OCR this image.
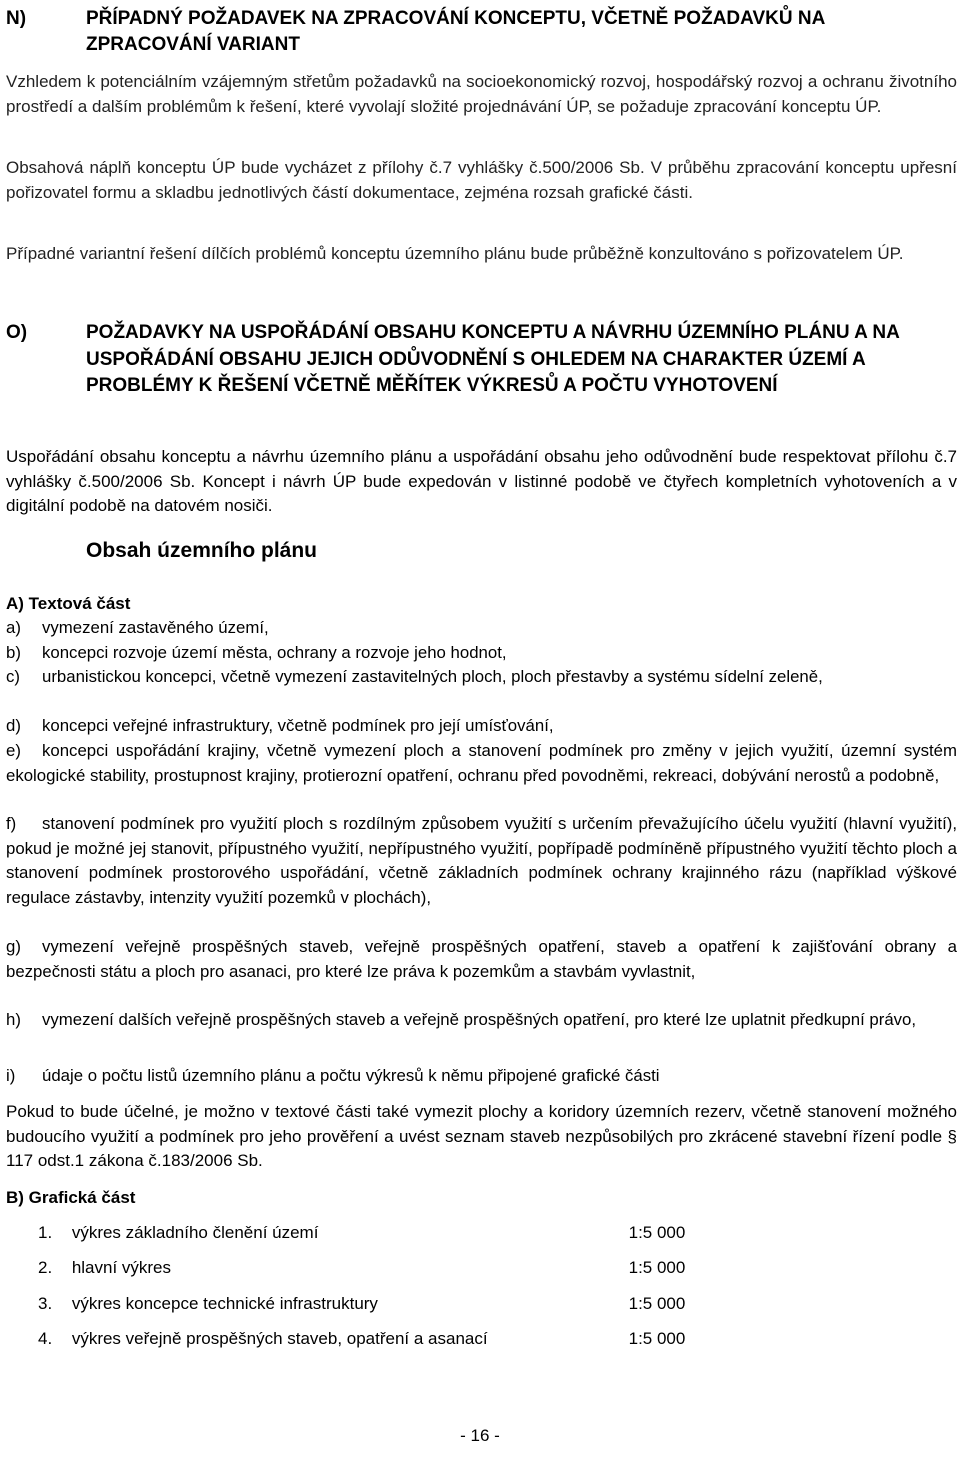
N)	PŘÍPADNÝ POŽADAVEK NA ZPRACOVÁNÍ KONCEPTU, VČETNĚ POŽADAVKŮ NA ZPRACOVÁNÍ VARIANT
Vzhledem k potenciálním vzájemným střetům požadavků na socioekonomický rozvoj, hospodářský rozvoj a ochranu životního prostředí a dalším problémům k řešení, které vyvolají složité projednávání ÚP, se požaduje zpracování konceptu ÚP.
Obsahová náplň konceptu ÚP bude vycházet z přílohy č.7 vyhlášky č.500/2006 Sb. V průběhu zpracování konceptu upřesní pořizovatel formu a skladbu jednotlivých částí dokumentace, zejména rozsah grafické části.
Případné variantní řešení dílčích problémů konceptu územního plánu bude průběžně konzultováno s pořizovatelem ÚP.
O)	POŽADAVKY NA USPOŘÁDÁNÍ OBSAHU KONCEPTU A NÁVRHU ÚZEMNÍHO PLÁNU A NA USPOŘÁDÁNÍ OBSAHU JEJICH ODŮVODNĚNÍ S OHLEDEM NA CHARAKTER ÚZEMÍ A PROBLÉMY K ŘEŠENÍ VČETNĚ MĚŘÍTEK VÝKRESŮ A POČTU VYHOTOVENÍ
Uspořádání obsahu konceptu a návrhu územního plánu a uspořádání obsahu jeho odůvodnění bude respektovat přílohu č.7 vyhlášky č.500/2006 Sb. Koncept i návrh ÚP bude expedován v listinné podobě ve čtyřech kompletních vyhotoveních a v digitální podobě na datovém nosiči.
Obsah územního plánu
A) Textová část
a) vymezení zastavěného území,
b) koncepci rozvoje území města, ochrany a rozvoje jeho hodnot,
c) urbanistickou koncepci, včetně vymezení zastavitelných ploch, ploch přestavby a systému sídelní zeleně,
d) koncepci veřejné infrastruktury, včetně podmínek pro její umísťování,
e) koncepci uspořádání krajiny, včetně vymezení ploch a stanovení podmínek pro změny v jejich využití, územní systém ekologické stability, prostupnost krajiny, protierozní opatření, ochranu před povodněmi, rekreaci, dobývání nerostů a podobně,
f) stanovení podmínek pro využití ploch s rozdílným způsobem využití s určením převažujícího účelu využití (hlavní využití), pokud je možné jej stanovit, přípustného využití, nepřípustného využití, popřípadě podmíněně přípustného využití těchto ploch a stanovení podmínek prostorového uspořádání, včetně základních podmínek ochrany krajinného rázu (například výškové regulace zástavby, intenzity využití pozemků v plochách),
g) vymezení veřejně prospěšných staveb, veřejně prospěšných opatření, staveb a opatření k zajišťování obrany a bezpečnosti státu a ploch pro asanaci, pro které lze práva k pozemkům a stavbám vyvlastnit,
h) vymezení dalších veřejně prospěšných staveb a veřejně prospěšných opatření, pro které lze uplatnit předkupní právo,
i) údaje o počtu listů územního plánu a počtu výkresů k němu připojené grafické části
Pokud to bude účelné, je možno v textové části také vymezit plochy a koridory územních rezerv, včetně stanovení možného budoucího využití a podmínek pro jeho prověření a uvést seznam staveb nezpůsobilých pro zkrácené stavební řízení podle § 117 odst.1 zákona č.183/2006 Sb.
B) Grafická část
1.	výkres základního členění území	1:5 000
2.	hlavní výkres	1:5 000
3.	výkres koncepce technické infrastruktury	1:5 000
4.	výkres veřejně prospěšných staveb, opatření a asanací	1:5 000
- 16 -
